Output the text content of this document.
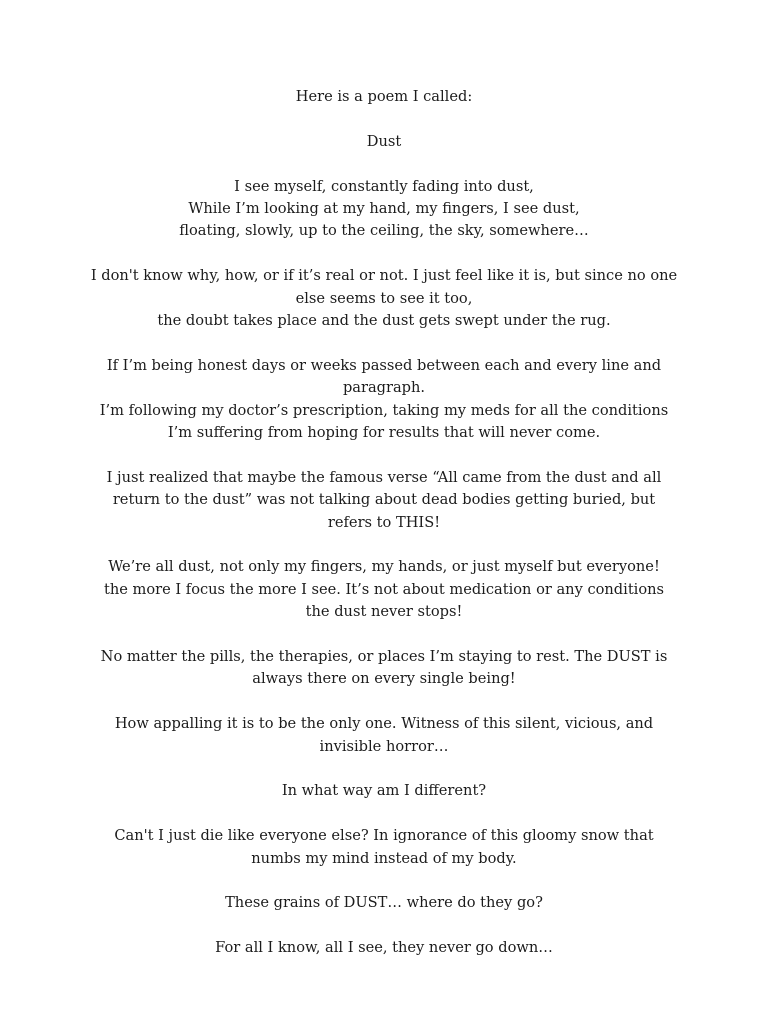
Here is a poem I called:

Dust

I see myself, constantly fading into dust,
While I’m looking at my hand, my fingers, I see dust,
floating, slowly, up to the ceiling, the sky, somewhere…

I don't know why, how, or if it’s real or not. I just feel like it is, but since no one else seems to see it too,
the doubt takes place and the dust gets swept under the rug.

If I’m being honest days or weeks passed between each and every line and paragraph.
I’m following my doctor’s prescription, taking my meds for all the conditions I’m suffering from hoping for results that will never come.

I just realized that maybe the famous verse “All came from the dust and all return to the dust” was not talking about dead bodies getting buried, but refers to THIS!

We’re all dust, not only my fingers, my hands, or just myself but everyone!
the more I focus the more I see. It’s not about medication or any conditions the dust never stops!

No matter the pills, the therapies, or places I’m staying to rest. The DUST is always there on every single being!

How appalling it is to be the only one. Witness of this silent, vicious, and invisible horror…

In what way am I different?

Can't I just die like everyone else? In ignorance of this gloomy snow that numbs my mind instead of my body.

These grains of DUST… where do they go?

For all I know, all I see, they never go down…
